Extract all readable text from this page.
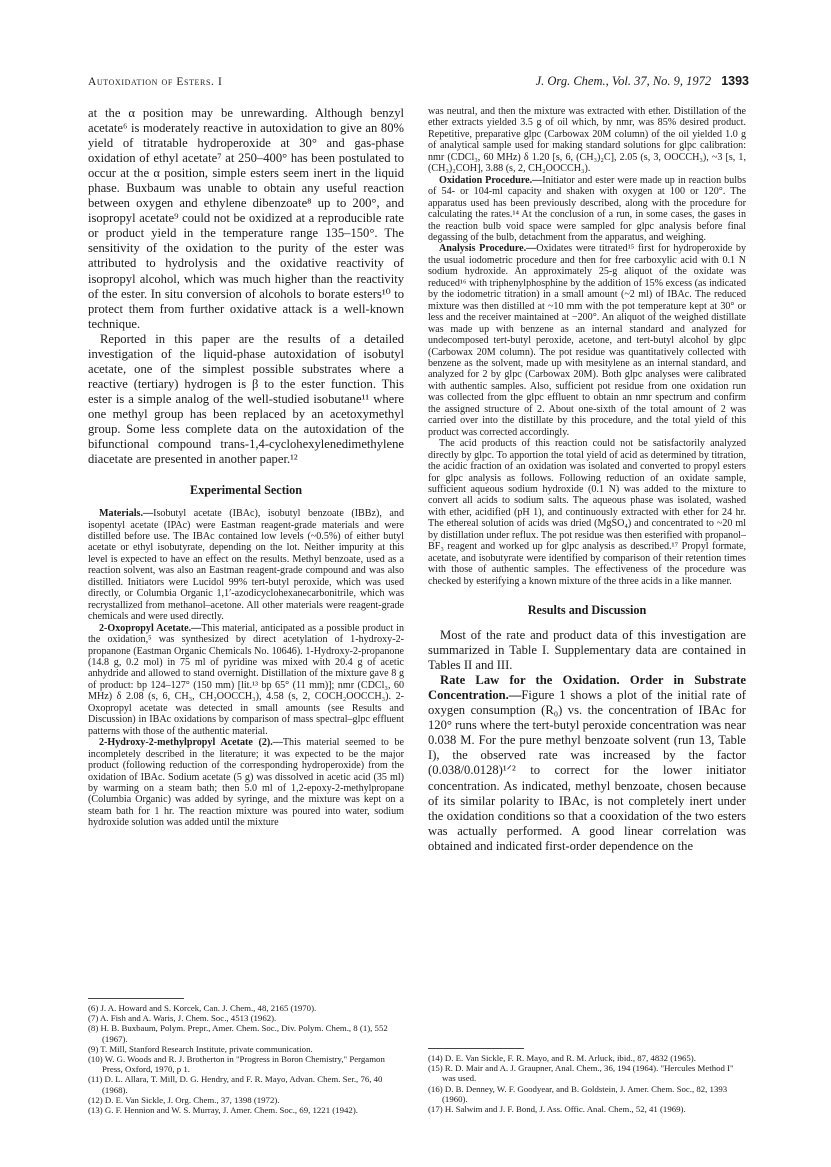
Autoxidation of Esters. I	J. Org. Chem., Vol. 37, No. 9, 1972 1393

at the α position may be unrewarding. Although benzyl acetate⁶ is moderately reactive in autoxidation to give an 80% yield of titratable hydroperoxide at 30° and gas-phase oxidation of ethyl acetate⁷ at 250–400° has been postulated to occur at the α position, simple esters seem inert in the liquid phase. Buxbaum was unable to obtain any useful reaction between oxygen and ethylene dibenzoate⁸ up to 200°, and isopropyl acetate⁹ could not be oxidized at a reproducible rate or product yield in the temperature range 135–150°. The sensitivity of the oxidation to the purity of the ester was attributed to hydrolysis and the oxidative reactivity of isopropyl alcohol, which was much higher than the reactivity of the ester. In situ conversion of alcohols to borate esters¹⁰ to protect them from further oxidative attack is a well-known technique.

Reported in this paper are the results of a detailed investigation of the liquid-phase autoxidation of isobutyl acetate, one of the simplest possible substrates where a reactive (tertiary) hydrogen is β to the ester function. This ester is a simple analog of the well-studied isobutane¹¹ where one methyl group has been replaced by an acetoxymethyl group. Some less complete data on the autoxidation of the bifunctional compound trans-1,4-cyclohexylenedimethylene diacetate are presented in another paper.¹²

Experimental Section

Materials.—Isobutyl acetate (IBAc), isobutyl benzoate (IBBz), and isopentyl acetate (IPAc) were Eastman reagent-grade materials and were distilled before use. The IBAc contained low levels (~0.5%) of either butyl acetate or ethyl isobutyrate, depending on the lot. Neither impurity at this level is expected to have an effect on the results. Methyl benzoate, used as a reaction solvent, was also an Eastman reagent-grade compound and was also distilled. Initiators were Lucidol 99% tert-butyl peroxide, which was used directly, or Columbia Organic 1,1′-azodicyclohexanecarbonitrile, which was recrystallized from methanol–acetone. All other materials were reagent-grade chemicals and were used directly.

2-Oxopropyl Acetate.—This material, anticipated as a possible product in the oxidation,⁵ was synthesized by direct acetylation of 1-hydroxy-2-propanone (Eastman Organic Chemicals No. 10646). 1-Hydroxy-2-propanone (14.8 g, 0.2 mol) in 75 ml of pyridine was mixed with 20.4 g of acetic anhydride and allowed to stand overnight. Distillation of the mixture gave 8 g of product: bp 124–127° (150 mm) [lit.¹³ bp 65° (11 mm)]; nmr (CDCl₃, 60 MHz) δ 2.08 (s, 6, CH₃, CH₂OOCCH₃), 4.58 (s, 2, COCH₂OOCCH₃). 2-Oxopropyl acetate was detected in small amounts (see Results and Discussion) in IBAc oxidations by comparison of mass spectral–glpc effluent patterns with those of the authentic material.

2-Hydroxy-2-methylpropyl Acetate (2).—This material seemed to be incompletely described in the literature; it was expected to be the major product (following reduction of the corresponding hydroperoxide) from the oxidation of IBAc. Sodium acetate (5 g) was dissolved in acetic acid (35 ml) by warming on a steam bath; then 5.0 ml of 1,2-epoxy-2-methylpropane (Columbia Organic) was added by syringe, and the mixture was kept on a steam bath for 1 hr. The reaction mixture was poured into water, sodium hydroxide solution was added until the mixture

(6) J. A. Howard and S. Korcek, Can. J. Chem., 48, 2165 (1970).

(7) A. Fish and A. Waris, J. Chem. Soc., 4513 (1962).

(8) H. B. Buxbaum, Polym. Prepr., Amer. Chem. Soc., Div. Polym. Chem., 8 (1), 552 (1967).

(9) T. Mill, Stanford Research Institute, private communication.

(10) W. G. Woods and R. J. Brotherton in "Progress in Boron Chemistry," Pergamon Press, Oxford, 1970, p 1.

(11) D. L. Allara, T. Mill, D. G. Hendry, and F. R. Mayo, Advan. Chem. Ser., 76, 40 (1968).

(12) D. E. Van Sickle, J. Org. Chem., 37, 1398 (1972).

(13) G. F. Hennion and W. S. Murray, J. Amer. Chem. Soc., 69, 1221 (1942).

was neutral, and then the mixture was extracted with ether. Distillation of the ether extracts yielded 3.5 g of oil which, by nmr, was 85% desired product. Repetitive, preparative glpc (Carbowax 20M column) of the oil yielded 1.0 g of analytical sample used for making standard solutions for glpc calibration: nmr (CDCl₃, 60 MHz) δ 1.20 [s, 6, (CH₃)₂C], 2.05 (s, 3, OOCCH₃), ~3 [s, 1, (CH₃)₂COH], 3.88 (s, 2, CH₂OOCCH₃).

Oxidation Procedure.—Initiator and ester were made up in reaction bulbs of 54- or 104-ml capacity and shaken with oxygen at 100 or 120°. The apparatus used has been previously described, along with the procedure for calculating the rates.¹⁴ At the conclusion of a run, in some cases, the gases in the reaction bulb void space were sampled for glpc analysis before final degassing of the bulb, detachment from the apparatus, and weighing.

Analysis Procedure.—Oxidates were titrated¹⁵ first for hydroperoxide by the usual iodometric procedure and then for free carboxylic acid with 0.1 N sodium hydroxide. An approximately 25-g aliquot of the oxidate was reduced¹⁶ with triphenylphosphine by the addition of 15% excess (as indicated by the iodometric titration) in a small amount (~2 ml) of IBAc. The reduced mixture was then distilled at ~10 mm with the pot temperature kept at 30° or less and the receiver maintained at −200°. An aliquot of the weighed distillate was made up with benzene as an internal standard and analyzed for undecomposed tert-butyl peroxide, acetone, and tert-butyl alcohol by glpc (Carbowax 20M column). The pot residue was quantitatively collected with benzene as the solvent, made up with mesitylene as an internal standard, and analyzed for 2 by glpc (Carbowax 20M). Both glpc analyses were calibrated with authentic samples. Also, sufficient pot residue from one oxidation run was collected from the glpc effluent to obtain an nmr spectrum and confirm the assigned structure of 2. About one-sixth of the total amount of 2 was carried over into the distillate by this procedure, and the total yield of this product was corrected accordingly.

The acid products of this reaction could not be satisfactorily analyzed directly by glpc. To apportion the total yield of acid as determined by titration, the acidic fraction of an oxidation was isolated and converted to propyl esters for glpc analysis as follows. Following reduction of an oxidate sample, sufficient aqueous sodium hydroxide (0.1 N) was added to the mixture to convert all acids to sodium salts. The aqueous phase was isolated, washed with ether, acidified (pH 1), and continuously extracted with ether for 24 hr. The ethereal solution of acids was dried (MgSO₄) and concentrated to ~20 ml by distillation under reflux. The pot residue was then esterified with propanol–BF₃ reagent and worked up for glpc analysis as described.¹⁷ Propyl formate, acetate, and isobutyrate were identified by comparison of their retention times with those of authentic samples. The effectiveness of the procedure was checked by esterifying a known mixture of the three acids in a like manner.

Results and Discussion

Most of the rate and product data of this investigation are summarized in Table I. Supplementary data are contained in Tables II and III.

Rate Law for the Oxidation. Order in Substrate Concentration.—Figure 1 shows a plot of the initial rate of oxygen consumption (R₀) vs. the concentration of IBAc for 120° runs where the tert-butyl peroxide concentration was near 0.038 M. For the pure methyl benzoate solvent (run 13, Table I), the observed rate was increased by the factor (0.038/0.0128)¹ᐟ² to correct for the lower initiator concentration. As indicated, methyl benzoate, chosen because of its similar polarity to IBAc, is not completely inert under the oxidation conditions so that a cooxidation of the two esters was actually performed. A good linear correlation was obtained and indicated first-order dependence on the

(14) D. E. Van Sickle, F. R. Mayo, and R. M. Arluck, ibid., 87, 4832 (1965).

(15) R. D. Mair and A. J. Graupner, Anal. Chem., 36, 194 (1964). "Hercules Method I" was used.

(16) D. B. Denney, W. F. Goodyear, and B. Goldstein, J. Amer. Chem. Soc., 82, 1393 (1960).

(17) H. Salwim and J. F. Bond, J. Ass. Offic. Anal. Chem., 52, 41 (1969).
